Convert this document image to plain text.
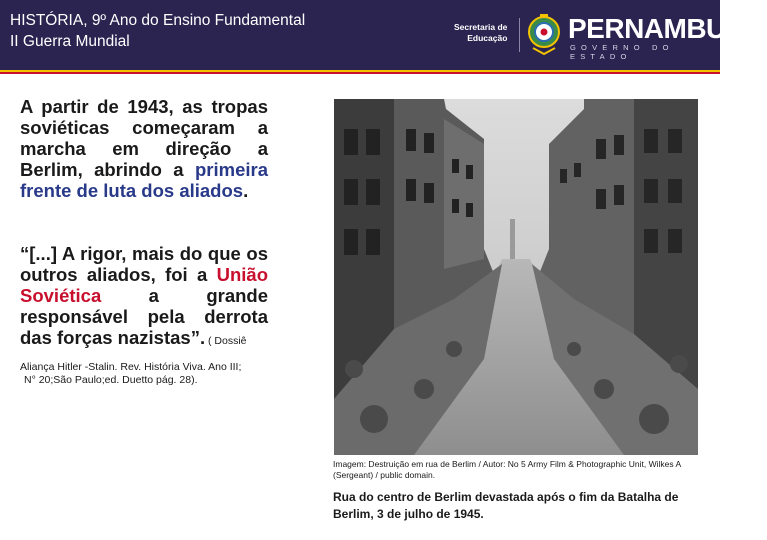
HISTÓRIA, 9º Ano do Ensino Fundamental
II Guerra Mundial
Secretaria de
Educação PERNAMBUCO
GOVERNO DO ESTADO
A partir de 1943, as tropas soviéticas começaram a marcha em direção a Berlim, abrindo a primeira frente de luta dos aliados.
“[...] A rigor, mais do que os outros aliados, foi a União Soviética a grande responsável pela derrota das forças nazistas”. ( Dossiê
Aliança Hitler -Stalin. Rev. História Viva. Ano III;
N° 20;São Paulo;ed. Duetto pág. 28).
Imagem: Destruição em rua de Berlim / Autor: No 5 Army Film & Photographic Unit, Wilkes A (Sergeant) / public domain.
Rua do centro de Berlim devastada após o fim da Batalha de Berlim, 3 de julho de 1945.
